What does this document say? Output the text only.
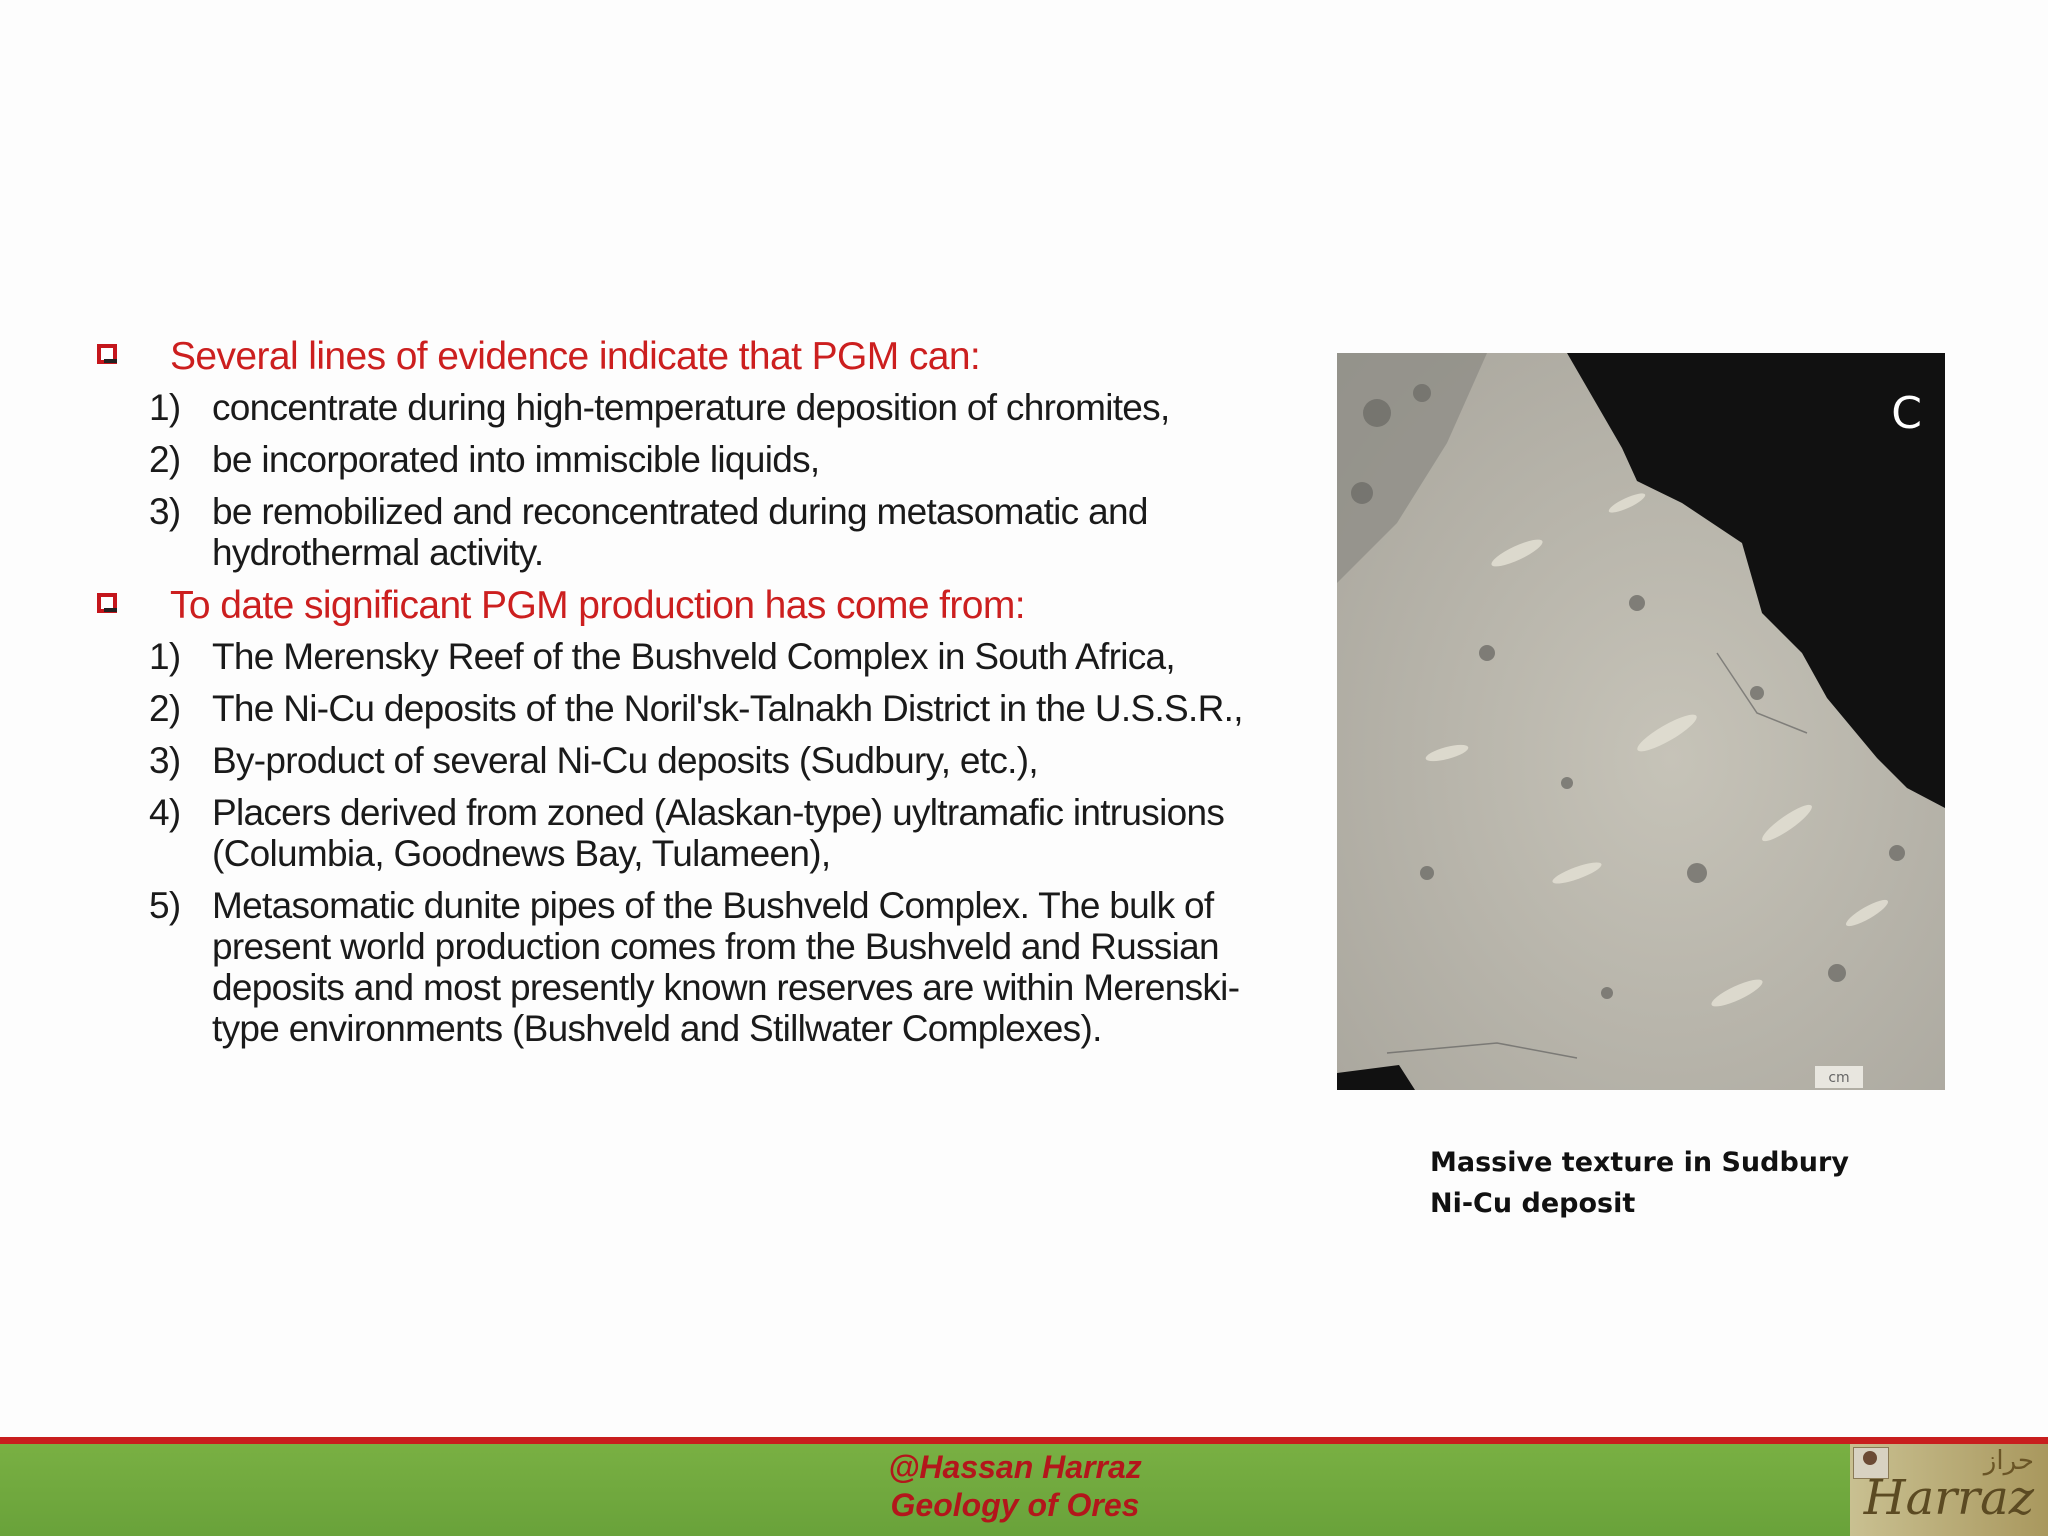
Several lines of evidence indicate that PGM can:
1) concentrate during high-temperature deposition of chromites,
2) be incorporated into immiscible liquids,
3) be remobilized and reconcentrated during metasomatic and hydrothermal activity.
To date significant PGM production has come from:
1) The Merensky Reef of the Bushveld Complex in South Africa,
2) The Ni-Cu deposits of the Noril'sk-Talnakh District in the U.S.S.R.,
3) By-product of several Ni-Cu deposits (Sudbury, etc.),
4) Placers derived from zoned (Alaskan-type) uyltramafic intrusions (Columbia, Goodnews Bay, Tulameen),
5) Metasomatic dunite pipes of the Bushveld Complex. The bulk of present world production comes from the Bushveld and Russian deposits and most presently known reserves are within Merenski-type environments (Bushveld and Stillwater Complexes).
C
cm
Massive texture in Sudbury
Ni-Cu deposit
@Hassan Harraz
Geology of Ores
حراز
Harraz
